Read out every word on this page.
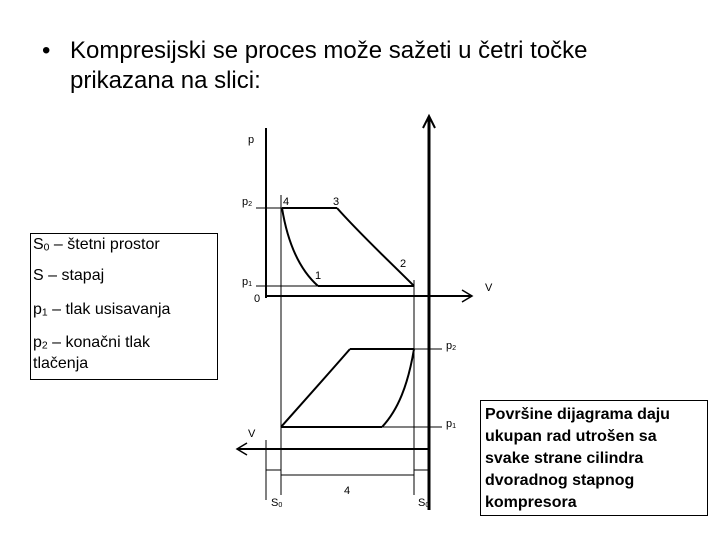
• Kompresijski se proces može sažeti u četri točke
prikazana na slici:
p
p2	4	3
2
1
p1
0
V
p2
p1
V
S0
4
S0
S0 – štetni prostor
S – stapaj
p1 – tlak usisavanja
p2 – konačni tlak
tlačenja
Površine dijagrama daju
ukupan rad utrošen sa
svake strane cilindra
dvoradnog stapnog
kompresora
